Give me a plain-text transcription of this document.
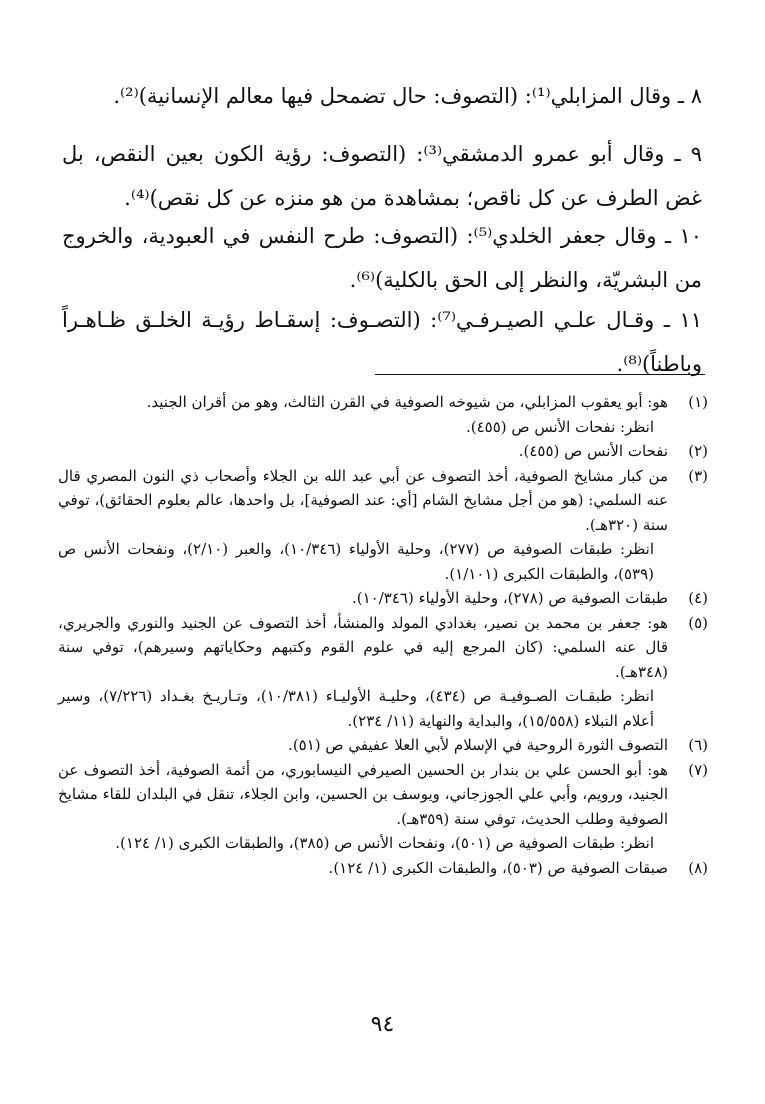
٨ ـ وقال المزابلي⁽¹⁾: (التصوف: حال تضمحل فيها معالم الإنسانية)⁽²⁾.

٩ ـ وقال أبو عمرو الدمشقي⁽³⁾: (التصوف: رؤية الكون بعين النقص، بل غض الطرف عن كل ناقص؛ بمشاهدة من هو منزه عن كل نقص)⁽⁴⁾.

١٠ ـ وقال جعفر الخلدي⁽⁵⁾: (التصوف: طرح النفس في العبودية، والخروج من البشريّة، والنظر إلى الحق بالكلية)⁽⁶⁾.

١١ ـ وقـال علـي الصيـرفـي⁽⁷⁾: (التصـوف: إسقـاط رؤيـة الخلـق ظـاهـراً وباطناً)⁽⁸⁾.

(١)
هو: أبو يعقوب المزابلي، من شيوخه الصوفية في القرن الثالث، وهو من أقران الجنيد.
انظر: نفحات الأنس ص (٤٥٥).
(٢)
نفحات الأنس ص (٤٥٥).
(٣)
من كبار مشايخ الصوفية، أخذ التصوف عن أبي عبد الله بن الجلاء وأصحاب ذي النون المصري قال عنه السلمي: (هو من أجل مشايخ الشام [أي: عند الصوفية]، بل واحدها، عالم بعلوم الحقائق)، توفي سنة (٣٢٠هـ).
انظر: طبقات الصوفية ص (٢٧٧)، وحلية الأولياء (١٠/٣٤٦)، والعبر (٢/١٠)، ونفحات الأنس ص (٥٣٩)، والطبقات الكبرى (١/١٠١).
(٤)
طبقات الصوفية ص (٢٧٨)، وحلية الأولياء (١٠/٣٤٦).
(٥)
هو: جعفر بن محمد بن نصير، بغدادي المولد والمنشأ، أخذ التصوف عن الجنيد والنوري والجريري، قال عنه السلمي: (كان المرجع إليه في علوم القوم وكتبهم وحكاياتهم وسيرهم)، توفي سنة (٣٤٨هـ).
انظر: طبقـات الصـوفيـة ص (٤٣٤)، وحليـة الأوليـاء (١٠/٣٨١)، وتـاريـخ بغـداد (٧/٢٢٦)، وسير أعلام النبلاء (١٥/٥٥٨)، والبداية والنهاية (١١/ ٢٣٤).
(٦)
التصوف الثورة الروحية في الإسلام لأبي العلا عفيفي ص (٥١).
(٧)
هو: أبو الحسن علي بن بندار بن الحسين الصيرفي النيسابوري، من أئمة الصوفية، أخذ التصوف عن الجنيد، ورويم، وأبي علي الجوزجاني، ويوسف بن الحسين، وابن الجلاء، تنقل في البلدان للقاء مشايخ الصوفية وطلب الحديث، توفي سنة (٣٥٩هـ).
انظر: طبقات الصوفية ص (٥٠١)، ونفحات الأنس ص (٣٨٥)، والطبقات الكبرى (١/ ١٢٤).
(٨)
صبقات الصوفية ص (٥٠٣)، والطبقات الكبرى (١/ ١٢٤).
٩٤
